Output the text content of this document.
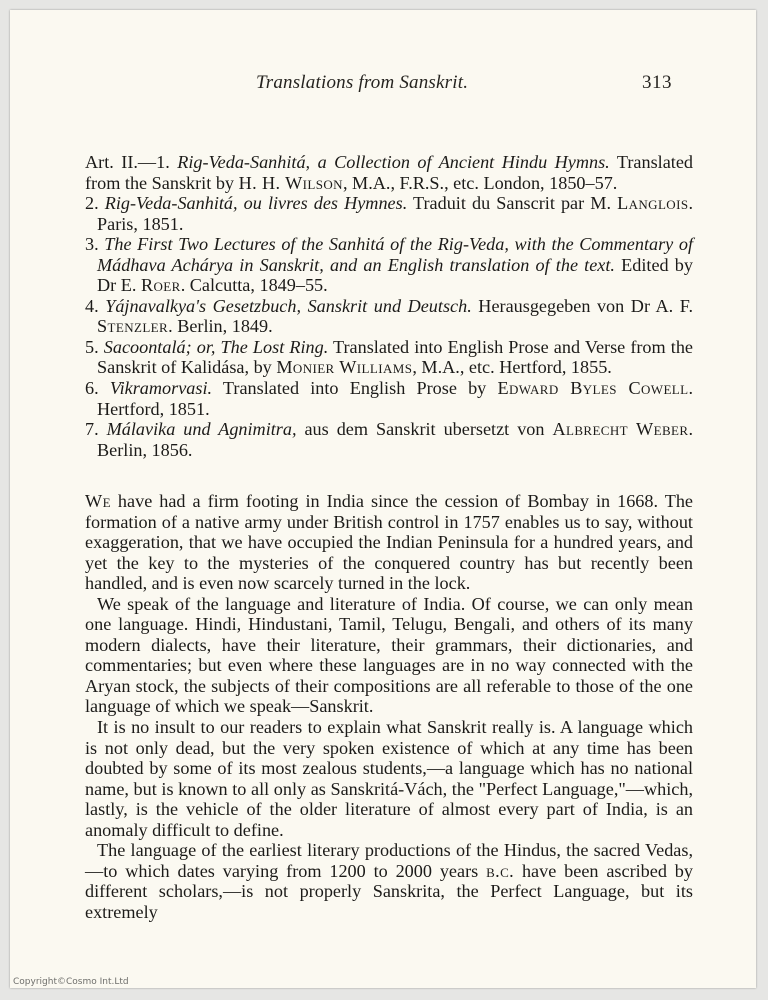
Translations from Sanskrit.	313

Art. II.—1. Rig-Veda-Sanhitá, a Collection of Ancient Hindu Hymns. Translated from the Sanskrit by H. H. Wilson, M.A., F.R.S., etc. London, 1850–57.

2. Rig-Veda-Sanhitá, ou livres des Hymnes. Traduit du Sanscrit par M. Langlois. Paris, 1851.

3. The First Two Lectures of the Sanhitá of the Rig-Veda, with the Commentary of Mádhava Achárya in Sanskrit, and an English translation of the text. Edited by Dr E. Roer. Calcutta, 1849–55.

4. Yájnavalkya's Gesetzbuch, Sanskrit und Deutsch. Herausgegeben von Dr A. F. Stenzler. Berlin, 1849.

5. Sacoontalá; or, The Lost Ring. Translated into English Prose and Verse from the Sanskrit of Kalidása, by Monier Williams, M.A., etc. Hertford, 1855.

6. Vikramorvasi. Translated into English Prose by Edward Byles Cowell. Hertford, 1851.

7. Málavika und Agnimitra, aus dem Sanskrit ubersetzt von Albrecht Weber. Berlin, 1856.

We have had a firm footing in India since the cession of Bombay in 1668. The formation of a native army under British control in 1757 enables us to say, without exaggeration, that we have occupied the Indian Peninsula for a hundred years, and yet the key to the mysteries of the conquered country has but recently been handled, and is even now scarcely turned in the lock.

We speak of the language and literature of India. Of course, we can only mean one language. Hindi, Hindustani, Tamil, Telugu, Bengali, and others of its many modern dialects, have their literature, their grammars, their dictionaries, and commentaries; but even where these languages are in no way connected with the Aryan stock, the subjects of their compositions are all referable to those of the one language of which we speak—Sanskrit.

It is no insult to our readers to explain what Sanskrit really is. A language which is not only dead, but the very spoken existence of which at any time has been doubted by some of its most zealous students,—a language which has no national name, but is known to all only as Sanskritá-Vách, the "Perfect Language,"—which, lastly, is the vehicle of the older literature of almost every part of India, is an anomaly difficult to define.

The language of the earliest literary productions of the Hindus, the sacred Vedas,—to which dates varying from 1200 to 2000 years b.c. have been ascribed by different scholars,—is not properly Sanskrita, the Perfect Language, but its extremely

Copyright©Cosmo Int.Ltd
